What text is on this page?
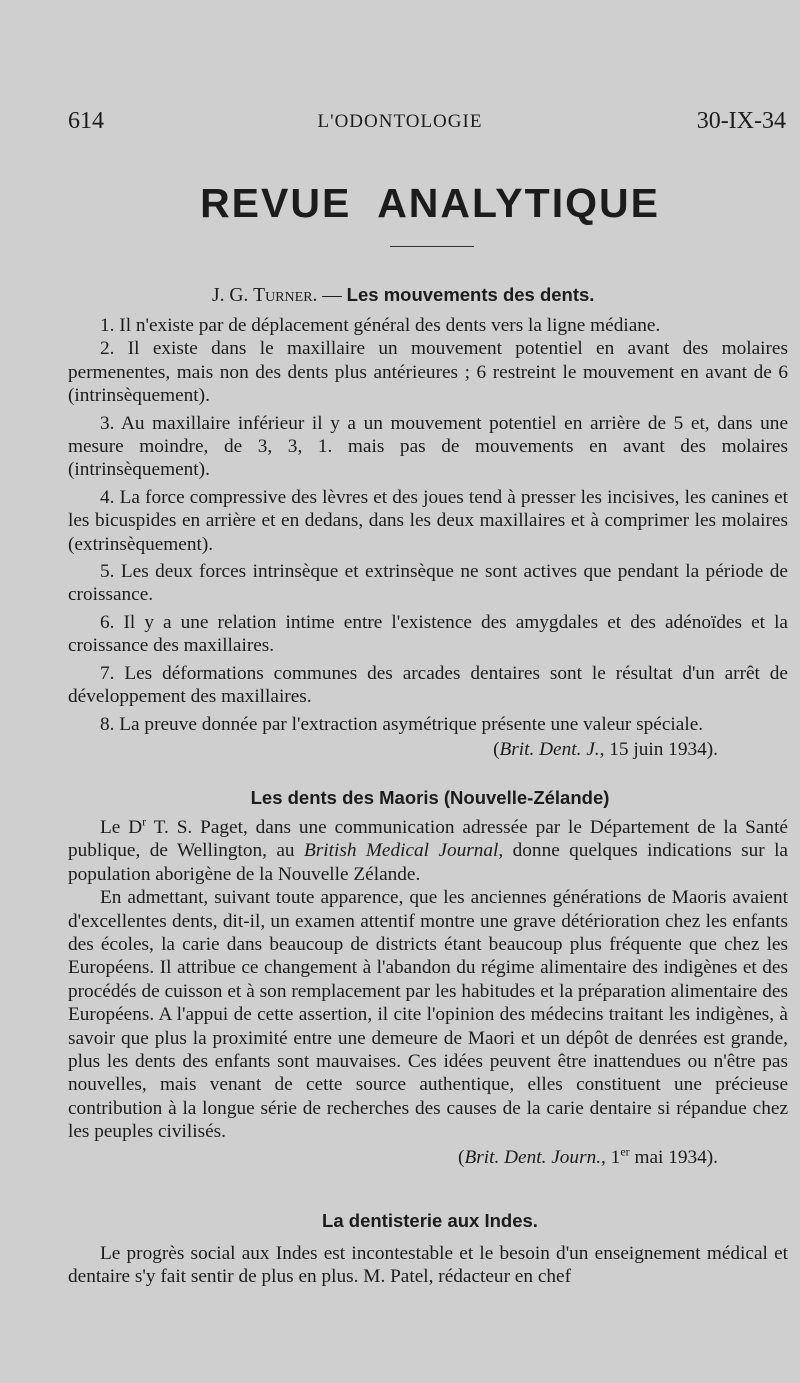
614	L'ODONTOLOGIE	30-IX-34
REVUE ANALYTIQUE
J. G. Turner. — Les mouvements des dents.

1. Il n'existe par de déplacement général des dents vers la ligne médiane.

2. Il existe dans le maxillaire un mouvement potentiel en avant des molaires permenentes, mais non des dents plus antérieures ; 6 restreint le mouvement en avant de 6 (intrinsèquement).

3. Au maxillaire inférieur il y a un mouvement potentiel en arrière de 5 et, dans une mesure moindre, de 3, 3, 1. mais pas de mouvements en avant des molaires (intrinsèquement).

4. La force compressive des lèvres et des joues tend à presser les incisives, les canines et les bicuspides en arrière et en dedans, dans les deux maxillaires et à comprimer les molaires (extrinsèquement).

5. Les deux forces intrinsèque et extrinsèque ne sont actives que pendant la période de croissance.

6. Il y a une relation intime entre l'existence des amygdales et des adénoïdes et la croissance des maxillaires.

7. Les déformations communes des arcades dentaires sont le résultat d'un arrêt de développement des maxillaires.

8. La preuve donnée par l'extraction asymétrique présente une valeur spéciale.

(Brit. Dent. J., 15 juin 1934).

Les dents des Maoris (Nouvelle-Zélande)

Le $D^r$ T. S. Paget, dans une communication adressée par le Département de la Santé publique, de Wellington, au British Medical Journal, donne quelques indications sur la population aborigène de la Nouvelle Zélande.

En admettant, suivant toute apparence, que les anciennes générations de Maoris avaient d'excellentes dents, dit-il, un examen attentif montre une grave détérioration chez les enfants des écoles, la carie dans beaucoup de districts étant beaucoup plus fréquente que chez les Européens. Il attribue ce changement à l'abandon du régime alimentaire des indigènes et des procédés de cuisson et à son remplacement par les habitudes et la préparation alimentaire des Européens. A l'appui de cette assertion, il cite l'opinion des médecins traitant les indigènes, à savoir que plus la proximité entre une demeure de Maori et un dépôt de denrées est grande, plus les dents des enfants sont mauvaises. Ces idées peuvent être inattendues ou n'être pas nouvelles, mais venant de cette source authentique, elles constituent une précieuse contribution à la longue série de recherches des causes de la carie dentaire si répandue chez les peuples civilisés.

(Brit. Dent. Journ., 1er mai 1934).

La dentisterie aux Indes.

Le progrès social aux Indes est incontestable et le besoin d'un enseignement médical et dentaire s'y fait sentir de plus en plus. M. Patel, rédacteur en chef
